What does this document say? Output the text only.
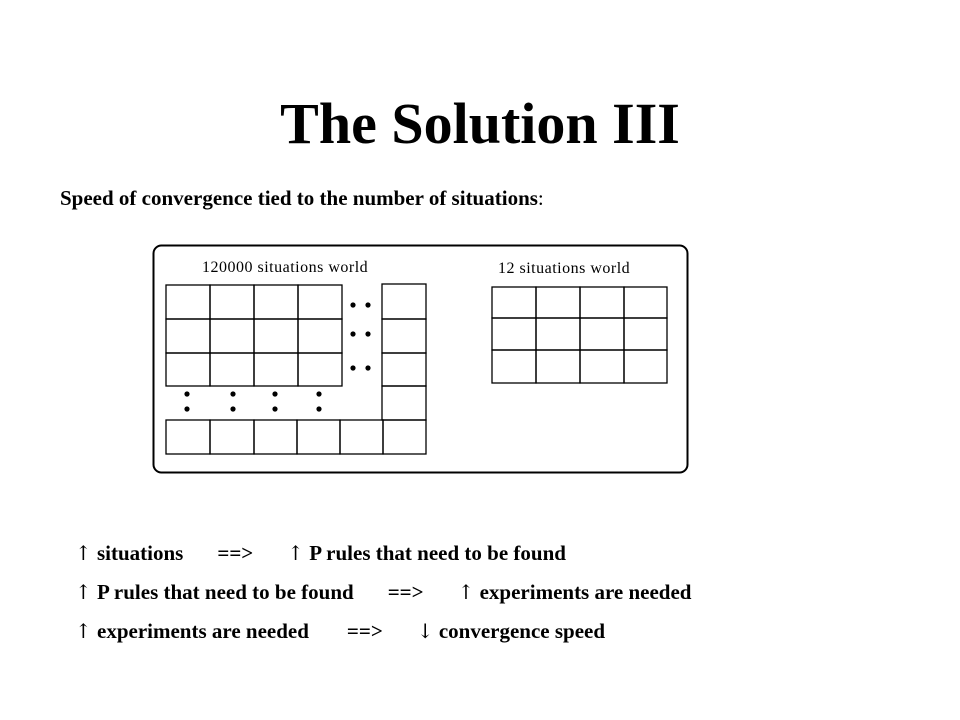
The Solution III
Speed of convergence tied to the number of situations:
120000 situations world	12 situations world
↑ situations ==> ↑ P rules that need to be found
↑ P rules that need to be found ==> ↑ experiments are needed
↑ experiments are needed ==> ↓ convergence speed
